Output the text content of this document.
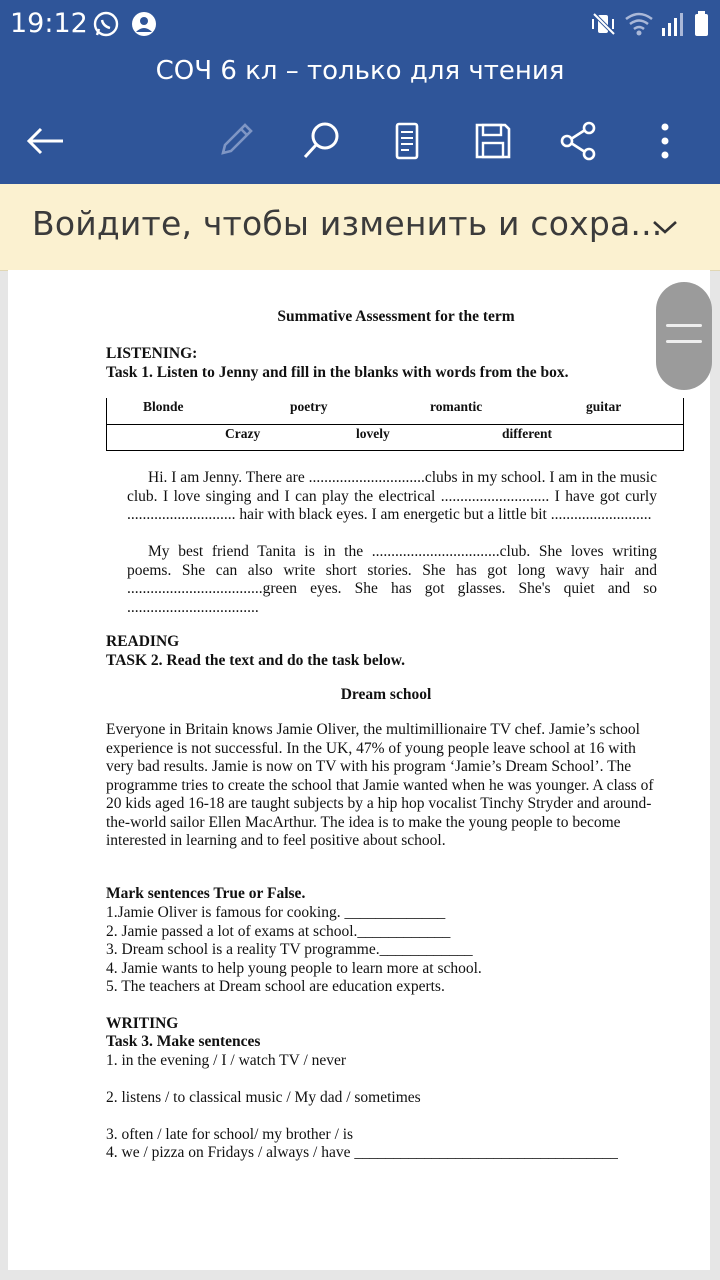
19:12
СОЧ 6 кл – только для чтения
Войдите, чтобы изменить и сохра...
Summative Assessment for the term
LISTENING:
Task 1. Listen to Jenny and fill in the blanks with words from the box.
Blonde	poetry	romantic	guitar
Crazy	lovely	different
Hi. I am Jenny. There are ..............................clubs in my school. I am in the music club. I love singing and I can play the electrical ............................ I have got curly ............................ hair with black eyes. I am energetic but a little bit ..........................
My best friend Tanita is in the .................................club. She loves writing poems. She can also write short stories. She has got long wavy hair and ...................................green eyes. She has got glasses. She's quiet and so ..................................
READING
TASK 2. Read the text and do the task below.
Dream school
Everyone in Britain knows Jamie Oliver, the multimillionaire TV chef. Jamie’s school experience is not successful. In the UK, 47% of young people leave school at 16 with very bad results. Jamie is now on TV with his program ‘Jamie’s Dream School’. The programme tries to create the school that Jamie wanted when he was younger. A class of 20 kids aged 16-18 are taught subjects by a hip hop vocalist Tinchy Stryder and around-the-world sailor Ellen MacArthur. The idea is to make the young people to become interested in learning and to feel positive about school.
Mark sentences True or False.
1.Jamie Oliver is famous for cooking. _____________
2. Jamie passed a lot of exams at school.____________
3. Dream school is a reality TV programme.____________
4. Jamie wants to help young people to learn more at school.
5. The teachers at Dream school are education experts.
WRITING
Task 3. Make sentences
1. in the evening / I / watch TV / never
2. listens / to classical music / My dad / sometimes
3. often / late for school/ my brother / is
4. we / pizza on Fridays / always / have __________________________________
